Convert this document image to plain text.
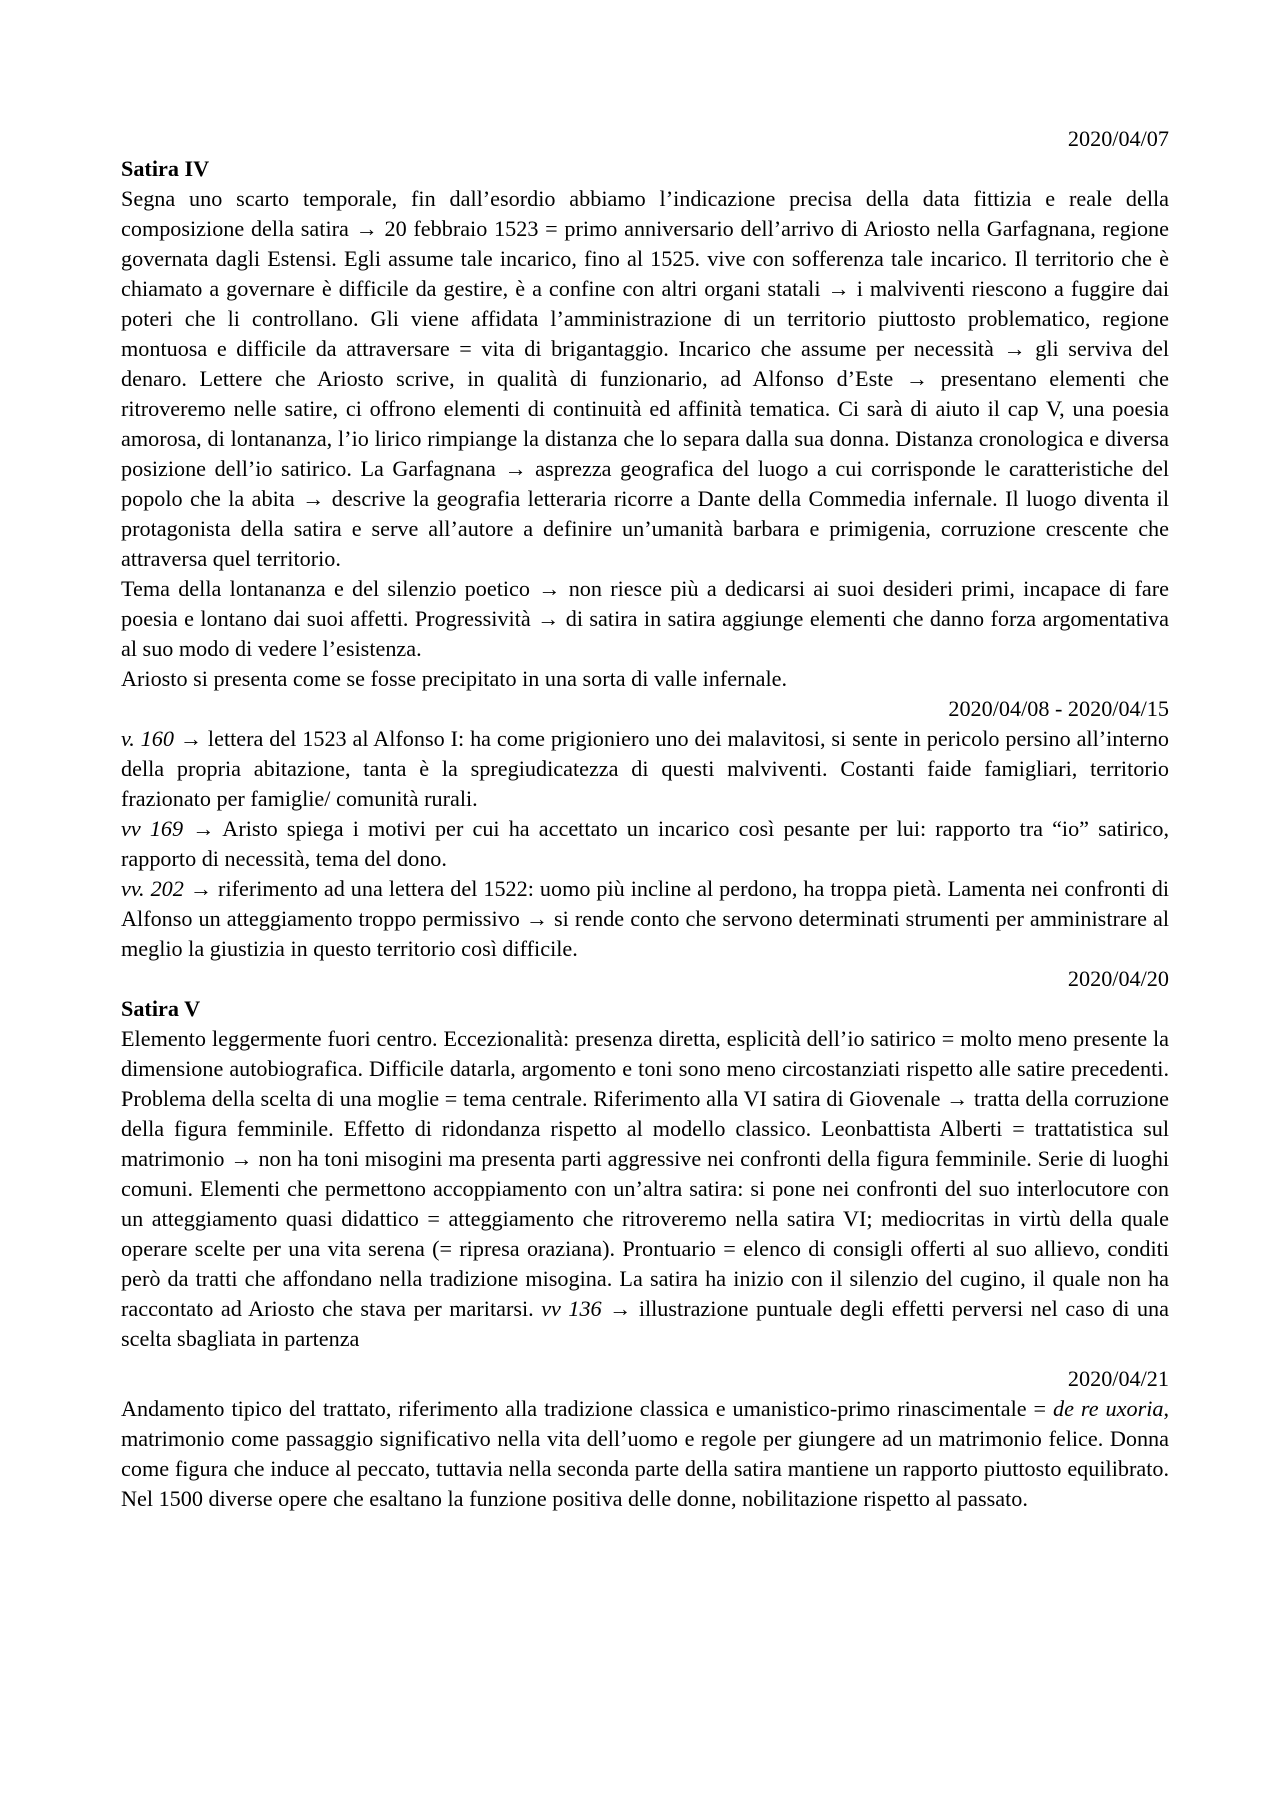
2020/04/07

Satira IV

Segna uno scarto temporale, fin dall’esordio abbiamo l’indicazione precisa della data fittizia e reale della composizione della satira → 20 febbraio 1523 = primo anniversario dell’arrivo di Ariosto nella Garfagnana, regione governata dagli Estensi. Egli assume tale incarico, fino al 1525. vive con sofferenza tale incarico. Il territorio che è chiamato a governare è difficile da gestire, è a confine con altri organi statali → i malviventi riescono a fuggire dai poteri che li controllano. Gli viene affidata l’amministrazione di un territorio piuttosto problematico, regione montuosa e difficile da attraversare = vita di brigantaggio. Incarico che assume per necessità → gli serviva del denaro. Lettere che Ariosto scrive, in qualità di funzionario, ad Alfonso d’Este → presentano elementi che ritroveremo nelle satire, ci offrono elementi di continuità ed affinità tematica. Ci sarà di aiuto il cap V, una poesia amorosa, di lontananza, l’io lirico rimpiange la distanza che lo separa dalla sua donna. Distanza cronologica e diversa posizione dell’io satirico. La Garfagnana → asprezza geografica del luogo a cui corrisponde le caratteristiche del popolo che la abita → descrive la geografia letteraria ricorre a Dante della Commedia infernale. Il luogo diventa il protagonista della satira e serve all’autore a definire un’umanità barbara e primigenia, corruzione crescente che attraversa quel territorio.

Tema della lontananza e del silenzio poetico → non riesce più a dedicarsi ai suoi desideri primi, incapace di fare poesia e lontano dai suoi affetti. Progressività → di satira in satira aggiunge elementi che danno forza argomentativa al suo modo di vedere l’esistenza.

Ariosto si presenta come se fosse precipitato in una sorta di valle infernale.

2020/04/08 - 2020/04/15

v. 160 → lettera del 1523 al Alfonso I: ha come prigioniero uno dei malavitosi, si sente in pericolo persino all’interno della propria abitazione, tanta è la spregiudicatezza di questi malviventi. Costanti faide famigliari, territorio frazionato per famiglie/ comunità rurali.

vv 169 → Aristo spiega i motivi per cui ha accettato un incarico così pesante per lui: rapporto tra “io” satirico, rapporto di necessità, tema del dono.

vv. 202 → riferimento ad una lettera del 1522: uomo più incline al perdono, ha troppa pietà. Lamenta nei confronti di Alfonso un atteggiamento troppo permissivo → si rende conto che servono determinati strumenti per amministrare al meglio la giustizia in questo territorio così difficile.

2020/04/20

Satira V

Elemento leggermente fuori centro. Eccezionalità: presenza diretta, esplicità dell’io satirico = molto meno presente la dimensione autobiografica. Difficile datarla, argomento e toni sono meno circostanziati rispetto alle satire precedenti. Problema della scelta di una moglie = tema centrale. Riferimento alla VI satira di Giovenale → tratta della corruzione della figura femminile. Effetto di ridondanza rispetto al modello classico. Leonbattista Alberti = trattatistica sul matrimonio → non ha toni misogini ma presenta parti aggressive nei confronti della figura femminile. Serie di luoghi comuni. Elementi che permettono accoppiamento con un’altra satira: si pone nei confronti del suo interlocutore con un atteggiamento quasi didattico = atteggiamento che ritroveremo nella satira VI; mediocritas in virtù della quale operare scelte per una vita serena (= ripresa oraziana). Prontuario = elenco di consigli offerti al suo allievo, conditi però da tratti che affondano nella tradizione misogina. La satira ha inizio con il silenzio del cugino, il quale non ha raccontato ad Ariosto che stava per maritarsi. vv 136 → illustrazione puntuale degli effetti perversi nel caso di una scelta sbagliata in partenza

2020/04/21

Andamento tipico del trattato, riferimento alla tradizione classica e umanistico-primo rinascimentale = de re uxoria, matrimonio come passaggio significativo nella vita dell’uomo e regole per giungere ad un matrimonio felice. Donna come figura che induce al peccato, tuttavia nella seconda parte della satira mantiene un rapporto piuttosto equilibrato. Nel 1500 diverse opere che esaltano la funzione positiva delle donne, nobilitazione rispetto al passato.
